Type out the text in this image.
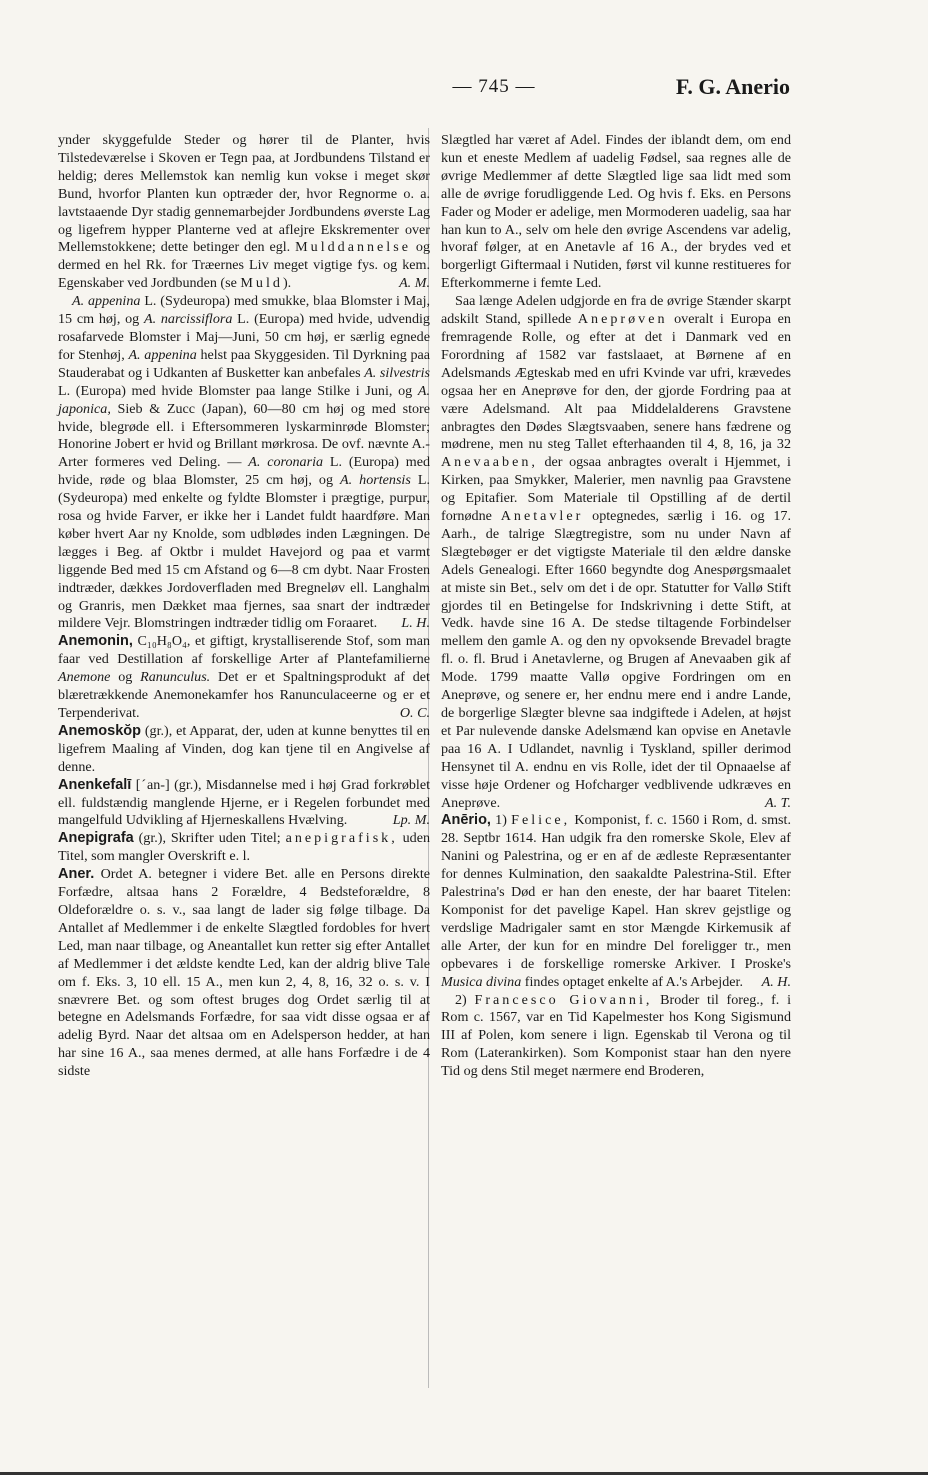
— 745 —	F. G. Anerio

ynder skyggefulde Steder og hører til de Planter, hvis Tilstedeværelse i Skoven er Tegn paa, at Jordbundens Tilstand er heldig; deres Mellemstok kan nemlig kun vokse i meget skør Bund, hvorfor Planten kun optræder der, hvor Regnorme o. a. lavtstaaende Dyr stadig gennemarbejder Jordbundens øverste Lag og ligefrem hypper Planterne ved at aflejre Ekskrementer over Mellemstokkene; dette betinger den egl. Mulddannelse og dermed en hel Rk. for Træernes Liv meget vigtige fys. og kem. Egenskaber ved Jordbunden (se Muld).	A. M.

A. appenina L. (Sydeuropa) med smukke, blaa Blomster i Maj, 15 cm høj, og A. narcissiflora L. (Europa) med hvide, udvendig rosafarvede Blomster i Maj—Juni, 50 cm høj, er særlig egnede for Stenhøj, A. appenina helst paa Skyggesiden. Til Dyrkning paa Stauderabat og i Udkanten af Busketter kan anbefales A. silvestris L. (Europa) med hvide Blomster paa lange Stilke i Juni, og A. japonica, Sieb & Zucc (Japan), 60—80 cm høj og med store hvide, blegrøde ell. i Eftersommeren lyskarminrøde Blomster; Honorine Jobert er hvid og Brillant mørkrosa. De ovf. nævnte A.-Arter formeres ved Deling. — A. coronaria L. (Europa) med hvide, røde og blaa Blomster, 25 cm høj, og A. hortensis L. (Sydeuropa) med enkelte og fyldte Blomster i prægtige, purpur, rosa og hvide Farver, er ikke her i Landet fuldt haardføre. Man køber hvert Aar ny Knolde, som udblødes inden Lægningen. De lægges i Beg. af Oktbr i muldet Havejord og paa et varmt liggende Bed med 15 cm Afstand og 6—8 cm dybt. Naar Frosten indtræder, dækkes Jordoverfladen med Bregneløv ell. Langhalm og Granris, men Dækket maa fjernes, saa snart der indtræder mildere Vejr. Blomstringen indtræder tidlig om Foraaret.	L. H.

Anemonin, C₁₀H₈O₄, et giftigt, krystalliserende Stof, som man faar ved Destillation af forskellige Arter af Plantefamilierne Anemone og Ranunculus. Det er et Spaltningsprodukt af det blæretrækkende Anemonekamfer hos Ranunculaceerne og er et Terpenderivat.	O. C.

Anemoskŏp (gr.), et Apparat, der, uden at kunne benyttes til en ligefrem Maaling af Vinden, dog kan tjene til en Angivelse af denne.

Anenkefalī [ˊan-] (gr.), Misdannelse med i høj Grad forkrøblet ell. fuldstændig manglende Hjerne, er i Regelen forbundet med mangelfuld Udvikling af Hjerneskallens Hvælving.	Lp. M.

Anepigrafa (gr.), Skrifter uden Titel; anepigrafisk, uden Titel, som mangler Overskrift e. l.

Aner. Ordet A. betegner i videre Bet. alle en Persons direkte Forfædre, altsaa hans 2 Forældre, 4 Bedsteforældre, 8 Oldeforældre o. s. v., saa langt de lader sig følge tilbage. Da Antallet af Medlemmer i de enkelte Slægtled fordobles for hvert Led, man naar tilbage, og Aneantallet kun retter sig efter Antallet af Medlemmer i det ældste kendte Led, kan der aldrig blive Tale om f. Eks. 3, 10 ell. 15 A., men kun 2, 4, 8, 16, 32 o. s. v. I snævrere Bet. og som oftest bruges dog Ordet særlig til at betegne en Adelsmands Forfædre, for saa vidt disse ogsaa er af adelig Byrd. Naar det altsaa om en Adelsperson hedder, at han har sine 16 A., saa menes dermed, at alle hans Forfædre i de 4 sidste

Slægtled har været af Adel. Findes der iblandt dem, om end kun et eneste Medlem af uadelig Fødsel, saa regnes alle de øvrige Medlemmer af dette Slægtled lige saa lidt med som alle de øvrige forudliggende Led. Og hvis f. Eks. en Persons Fader og Moder er adelige, men Mormoderen uadelig, saa har han kun to A., selv om hele den øvrige Ascendens var adelig, hvoraf følger, at en Anetavle af 16 A., der brydes ved et borgerligt Giftermaal i Nutiden, først vil kunne restitueres for Efterkommerne i femte Led.

Saa længe Adelen udgjorde en fra de øvrige Stænder skarpt adskilt Stand, spillede Aneprøven overalt i Europa en fremragende Rolle, og efter at det i Danmark ved en Forordning af 1582 var fastslaaet, at Børnene af en Adelsmands Ægteskab med en ufri Kvinde var ufri, krævedes ogsaa her en Aneprøve for den, der gjorde Fordring paa at være Adelsmand. Alt paa Middelalderens Gravstene anbragtes den Dødes Slægtsvaaben, senere hans fædrene og mødrene, men nu steg Tallet efterhaanden til 4, 8, 16, ja 32 Anevaaben, der ogsaa anbragtes overalt i Hjemmet, i Kirken, paa Smykker, Malerier, men navnlig paa Gravstene og Epitafier. Som Materiale til Opstilling af de dertil fornødne Anetavler optegnedes, særlig i 16. og 17. Aarh., de talrige Slægtregistre, som nu under Navn af Slægtebøger er det vigtigste Materiale til den ældre danske Adels Genealogi. Efter 1660 begyndte dog Anespørgsmaalet at miste sin Bet., selv om det i de opr. Statutter for Vallø Stift gjordes til en Betingelse for Indskrivning i dette Stift, at Vedk. havde sine 16 A. De stedse tiltagende Forbindelser mellem den gamle A. og den ny opvoksende Brevadel bragte fl. o. fl. Brud i Anetavlerne, og Brugen af Anevaaben gik af Mode. 1799 maatte Vallø opgive Fordringen om en Aneprøve, og senere er, her endnu mere end i andre Lande, de borgerlige Slægter blevne saa indgiftede i Adelen, at højst et Par nulevende danske Adelsmænd kan opvise en Anetavle paa 16 A. I Udlandet, navnlig i Tyskland, spiller derimod Hensynet til A. endnu en vis Rolle, idet der til Opnaaelse af visse høje Ordener og Hofcharger vedblivende udkræves en Aneprøve.	A. T.

Anērio, 1) Felice, Komponist, f. c. 1560 i Rom, d. smst. 28. Septbr 1614. Han udgik fra den romerske Skole, Elev af Nanini og Palestrina, og er en af de ædleste Repræsentanter for dennes Kulmination, den saakaldte Palestrina-Stil. Efter Palestrina's Død er han den eneste, der har baaret Titelen: Komponist for det pavelige Kapel. Han skrev gejstlige og verdslige Madrigaler samt en stor Mængde Kirkemusik af alle Arter, der kun for en mindre Del foreligger tr., men opbevares i de forskellige romerske Arkiver. I Proske's Musica divina findes optaget enkelte af A.'s Arbejder.	A. H.

2) Francesco Giovanni, Broder til foreg., f. i Rom c. 1567, var en Tid Kapelmester hos Kong Sigismund III af Polen, kom senere i lign. Egenskab til Verona og til Rom (Laterankirken). Som Komponist staar han den nyere Tid og dens Stil meget nærmere end Broderen,
